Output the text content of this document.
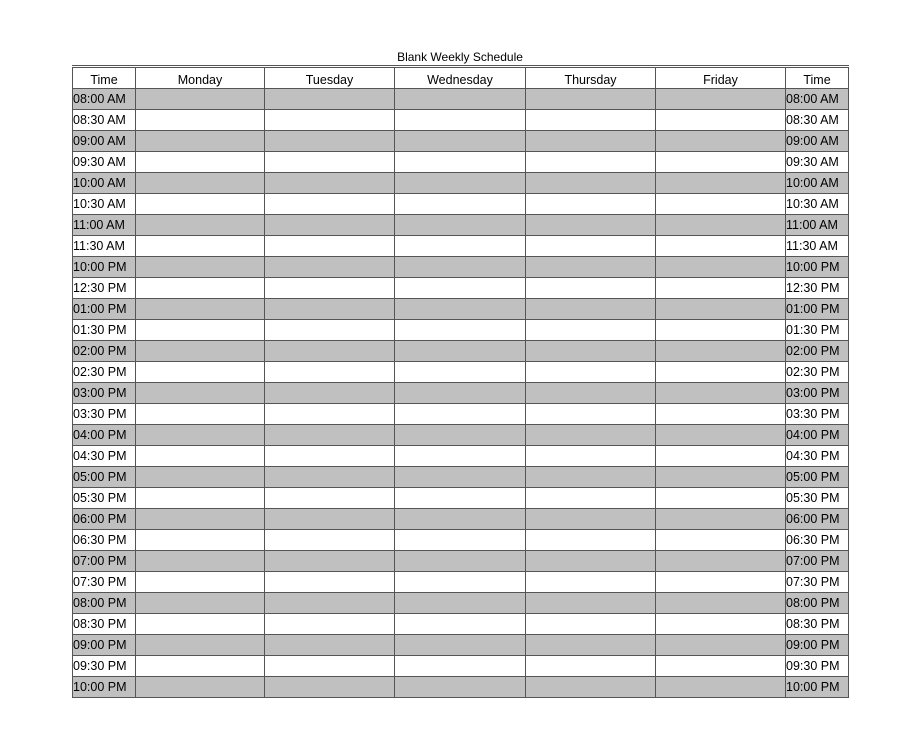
Blank Weekly Schedule
Time	Monday	Tuesday	Wednesday	Thursday	Friday	Time
08:00 AM						08:00 AM
08:30 AM						08:30 AM
09:00 AM						09:00 AM
09:30 AM						09:30 AM
10:00 AM						10:00 AM
10:30 AM						10:30 AM
11:00 AM						11:00 AM
11:30 AM						11:30 AM
10:00 PM						10:00 PM
12:30 PM						12:30 PM
01:00 PM						01:00 PM
01:30 PM						01:30 PM
02:00 PM						02:00 PM
02:30 PM						02:30 PM
03:00 PM						03:00 PM
03:30 PM						03:30 PM
04:00 PM						04:00 PM
04:30 PM						04:30 PM
05:00 PM						05:00 PM
05:30 PM						05:30 PM
06:00 PM						06:00 PM
06:30 PM						06:30 PM
07:00 PM						07:00 PM
07:30 PM						07:30 PM
08:00 PM						08:00 PM
08:30 PM						08:30 PM
09:00 PM						09:00 PM
09:30 PM						09:30 PM
10:00 PM						10:00 PM
